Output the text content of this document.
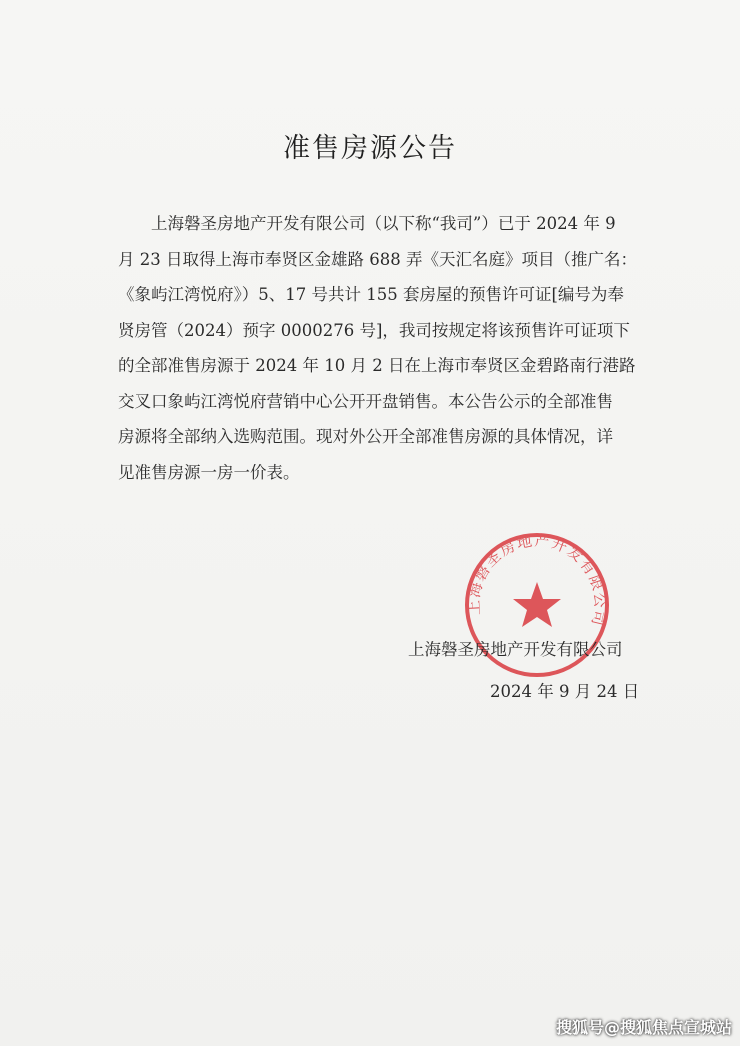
准售房源公告
上海磐圣房地产开发有限公司（以下称“我司”）已于 2024 年 9
月 23 日取得上海市奉贤区金雄路 688 弄《天汇名庭》项目（推广名：
《象屿江湾悦府》）5、17 号共计 155 套房屋的预售许可证[编号为奉
贤房管（2024）预字 0000276 号]，我司按规定将该预售许可证项下
的全部准售房源于 2024 年 10 月 2 日在上海市奉贤区金碧路南行港路
交叉口象屿江湾悦府营销中心公开开盘销售。本公告公示的全部准售
房源将全部纳入选购范围。现对外公开全部准售房源的具体情况，详
见准售房源一房一价表。
上海磐圣房地产开发有限公司
上海磐圣房地产开发有限公司
2024 年 9 月 24 日
搜狐号@搜狐焦点宣城站
